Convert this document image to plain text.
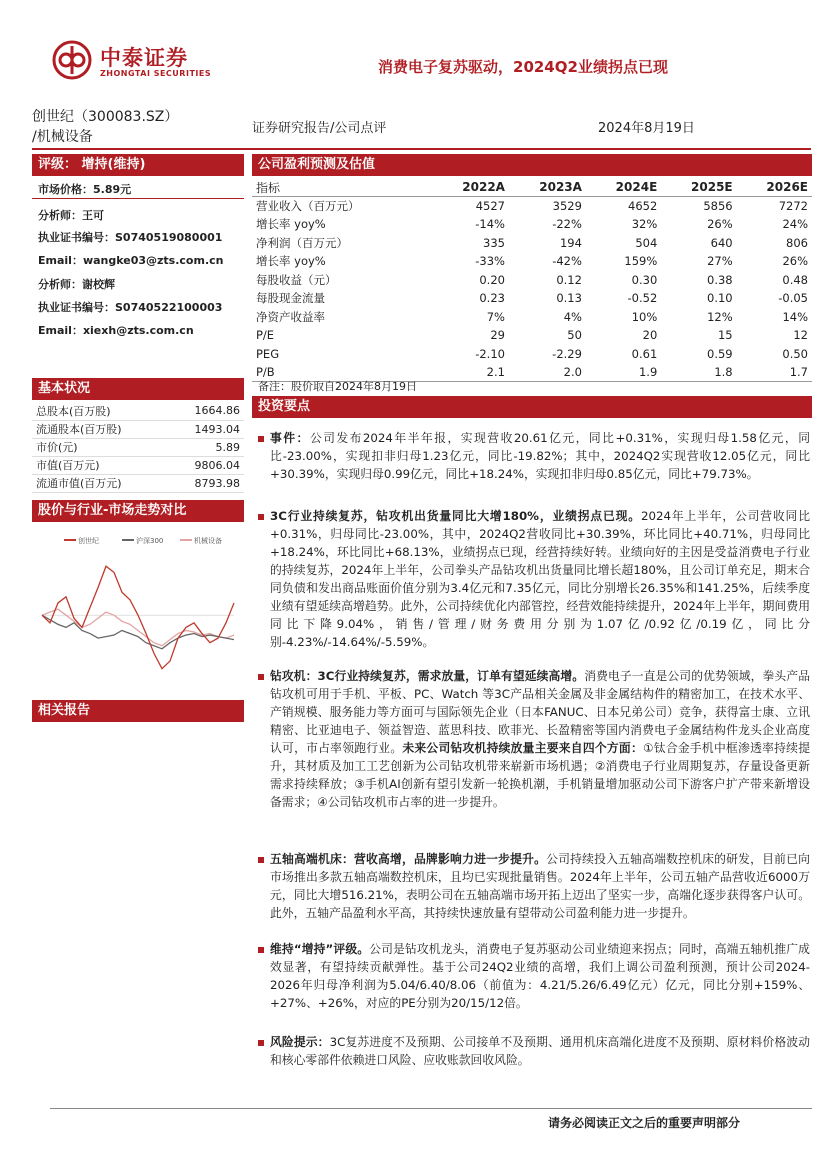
中泰证券
ZHONGTAI SECURITIES	消费电子复苏驱动，2024Q2业绩拐点已现
创世纪（300083.SZ）
/机械设备
证券研究报告/公司点评	2024年8月19日
评级： 增持(维持)
市场价格：5.89元
分析师：王可
执业证书编号：S0740519080001
Email：wangke03@zts.com.cn
分析师：谢校辉
执业证书编号：S0740522100003
Email：xiexh@zts.com.cn
基本状况
总股本(百万股)	1664.86
流通股本(百万股)	1493.04
市价(元)	5.89
市值(百万元)	9806.04
流通市值(百万元)	8793.98
股价与行业-市场走势对比
创世纪	沪深300	机械设备
相关报告
公司盈利预测及估值
指标	2022A	2023A	2024E	2025E	2026E
营业收入（百万元）	4527	3529	4652	5856	7272
增长率 yoy%	-14%	-22%	32%	26%	24%
净利润（百万元）	335	194	504	640	806
增长率 yoy%	-33%	-42%	159%	27%	26%
每股收益（元）	0.20	0.12	0.30	0.38	0.48
每股现金流量	0.23	0.13	-0.52	0.10	-0.05
净资产收益率	7%	4%	10%	12%	14%
P/E	29	50	20	15	12
PEG	-2.10	-2.29	0.61	0.59	0.50
P/B	2.1	2.0	1.9	1.8	1.7
备注：股价取自2024年8月19日
投资要点
事件：公司发布2024年半年报，实现营收20.61亿元，同比+0.31%，实现归母1.58亿元，同比-23.00%，实现扣非归母1.23亿元，同比-19.82%；其中，2024Q2实现营收12.05亿元，同比+30.39%，实现归母0.99亿元，同比+18.24%，实现扣非归母0.85亿元，同比+79.73%。
3C行业持续复苏，钻攻机出货量同比大增180%，业绩拐点已现。2024年上半年，公司营收同比+0.31%，归母同比-23.00%，其中，2024Q2营收同比+30.39%，环比同比+40.71%，归母同比+18.24%，环比同比+68.13%，业绩拐点已现，经营持续好转。业绩向好的主因是受益消费电子行业的持续复苏，2024年上半年，公司拳头产品钻攻机出货量同比增长超180%，且公司订单充足，期末合同负债和发出商品账面价值分别为3.4亿元和7.35亿元，同比分别增长26.35%和141.25%，后续季度业绩有望延续高增趋势。此外，公司持续优化内部管控，经营效能持续提升，2024年上半年，期间费用同比下降9.04%，销售/管理/财务费用分别为1.07亿/0.92亿/0.19亿，同比分别-4.23%/-14.64%/-5.59%。
钻攻机：3C行业持续复苏，需求放量，订单有望延续高增。消费电子一直是公司的优势领域，拳头产品钻攻机可用于手机、平板、PC、Watch 等3C产品相关金属及非金属结构件的精密加工，在技术水平、产销规模、服务能力等方面可与国际领先企业（日本FANUC、日本兄弟公司）竞争，获得富士康、立讯精密、比亚迪电子、领益智造、蓝思科技、欧菲光、长盈精密等国内消费电子金属结构件龙头企业高度认可，市占率领跑行业。未来公司钻攻机持续放量主要来自四个方面：①钛合金手机中框渗透率持续提升，其材质及加工工艺创新为公司钻攻机带来崭新市场机遇；②消费电子行业周期复苏，存量设备更新需求持续释放；③手机AI创新有望引发新一轮换机潮，手机销量增加驱动公司下游客户扩产带来新增设备需求；④公司钻攻机市占率的进一步提升。
五轴高端机床：营收高增，品牌影响力进一步提升。公司持续投入五轴高端数控机床的研发，目前已向市场推出多款五轴高端数控机床，且均已实现批量销售。2024年上半年，公司五轴产品营收近6000万元，同比大增516.21%，表明公司在五轴高端市场开拓上迈出了坚实一步，高端化逐步获得客户认可。此外，五轴产品盈利水平高，其持续快速放量有望带动公司盈利能力进一步提升。
维持“增持”评级。公司是钻攻机龙头，消费电子复苏驱动公司业绩迎来拐点；同时，高端五轴机推广成效显著，有望持续贡献弹性。基于公司24Q2业绩的高增，我们上调公司盈利预测，预计公司2024-2026年归母净利润为5.04/6.40/8.06（前值为：4.21/5.26/6.49亿元）亿元，同比分别+159%、+27%、+26%，对应的PE分别为20/15/12倍。
风险提示：3C复苏进度不及预期、公司接单不及预期、通用机床高端化进度不及预期、原材料价格波动和核心零部件依赖进口风险、应收账款回收风险。
请务必阅读正文之后的重要声明部分
